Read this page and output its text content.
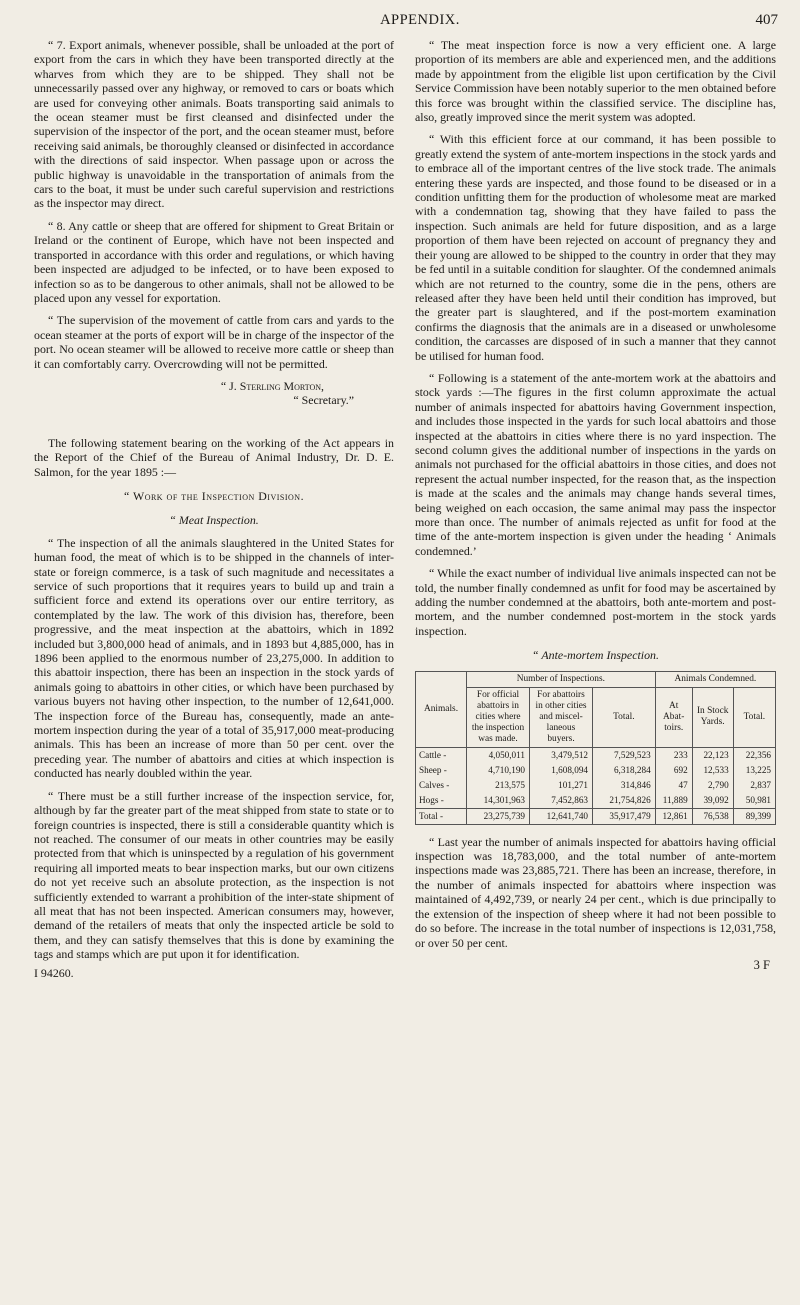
APPENDIX.	407

“ 7. Export animals, whenever possible, shall be unloaded at the port of export from the cars in which they have been transported directly at the wharves from which they are to be shipped. They shall not be unnecessarily passed over any highway, or removed to cars or boats which are used for conveying other animals. Boats transporting said animals to the ocean steamer must be first cleansed and disinfected under the supervision of the inspector of the port, and the ocean steamer must, before receiving said animals, be thoroughly cleansed or disinfected in accordance with the directions of said inspector. When passage upon or across the public highway is unavoidable in the transportation of animals from the cars to the boat, it must be under such careful supervision and restrictions as the inspector may direct.

“ 8. Any cattle or sheep that are offered for shipment to Great Britain or Ireland or the continent of Europe, which have not been inspected and transported in accordance with this order and regulations, or which having been inspected are adjudged to be infected, or to have been exposed to infection so as to be dangerous to other animals, shall not be allowed to be placed upon any vessel for exportation.

“ The supervision of the movement of cattle from cars and yards to the ocean steamer at the ports of export will be in charge of the inspector of the port. No ocean steamer will be allowed to receive more cattle or sheep than it can comfortably carry. Overcrowding will not be permitted.

“ J. Sterling Morton,

“ Secretary.”

The following statement bearing on the working of the Act appears in the Report of the Chief of the Bureau of Animal Industry, Dr. D. E. Salmon, for the year 1895 :—

“ Work of the Inspection Division.

“ Meat Inspection.

“ The inspection of all the animals slaughtered in the United States for human food, the meat of which is to be shipped in the channels of inter-state or foreign commerce, is a task of such magnitude and necessitates a service of such proportions that it requires years to build up and train a sufficient force and extend its operations over our entire territory, as contemplated by the law. The work of this division has, therefore, been progressive, and the meat inspection at the abattoirs, which in 1892 included but 3,800,000 head of animals, and in 1893 but 4,885,000, has in 1896 been applied to the enormous number of 23,275,000. In addition to this abattoir inspection, there has been an inspection in the stock yards of animals going to abattoirs in other cities, or which have been purchased by various buyers not having other inspection, to the number of 12,641,000. The inspection force of the Bureau has, consequently, made an ante-mortem inspection during the year of a total of 35,917,000 meat-producing animals. This has been an increase of more than 50 per cent. over the preceding year. The number of abattoirs and cities at which inspection is conducted has nearly doubled within the year.

“ There must be a still further increase of the inspection service, for, although by far the greater part of the meat shipped from state to state or to foreign countries is inspected, there is still a considerable quantity which is not reached. The consumer of our meats in other countries may be easily protected from that which is uninspected by a regulation of his government requiring all imported meats to bear inspection marks, but our own citizens do not yet receive such an absolute protection, as the inspection is not sufficiently extended to warrant a prohibition of the inter-state shipment of all meat that has not been inspected. American consumers may, however, demand of the retailers of meats that only the inspected article be sold to them, and they can satisfy themselves that this is done by examining the tags and stamps which are put upon it for identification.

I 94260.

“ The meat inspection force is now a very efficient one. A large proportion of its members are able and experienced men, and the additions made by appointment from the eligible list upon certification by the Civil Service Commission have been notably superior to the men obtained before this force was brought within the classified service. The discipline has, also, greatly improved since the merit system was adopted.

“ With this efficient force at our command, it has been possible to greatly extend the system of ante-mortem inspections in the stock yards and to embrace all of the important centres of the live stock trade. The animals entering these yards are inspected, and those found to be diseased or in a condition unfitting them for the production of wholesome meat are marked with a condemnation tag, showing that they have failed to pass the inspection. Such animals are held for future disposition, and as a large proportion of them have been rejected on account of pregnancy they and their young are allowed to be shipped to the country in order that they may be fed until in a suitable condition for slaughter. Of the condemned animals which are not returned to the country, some die in the pens, others are released after they have been held until their condition has improved, but the greater part is slaughtered, and if the post-mortem examination confirms the diagnosis that the animals are in a diseased or unwholesome condition, the carcasses are disposed of in such a manner that they cannot be utilised for human food.

“ Following is a statement of the ante-mortem work at the abattoirs and stock yards :—The figures in the first column approximate the actual number of animals inspected for abattoirs having Government inspection, and includes those inspected in the yards for such local abattoirs and those inspected at the abattoirs in cities where there is no yard inspection. The second column gives the additional number of inspections in the yards on animals not purchased for the official abattoirs in those cities, and does not represent the actual number inspected, for the reason that, as the inspection is made at the scales and the animals may change hands several times, being weighed on each occasion, the same animal may pass the inspector more than once. The number of animals rejected as unfit for food at the time of the ante-mortem inspection is given under the heading ‘ Animals condemned.’

“ While the exact number of individual live animals inspected can not be told, the number finally condemned as unfit for food may be ascertained by adding the number condemned at the abattoirs, both ante-mortem and post-mortem, and the number condemned post-mortem in the stock yards inspection.

“ Ante-mortem Inspection.

Animals.	Number of Inspections.			Animals Condemned.		
	For official abattoirs in cities where the inspection was made.	For abattoirs in other cities and miscel-laneous buyers.	Total.	At Abat-toirs.	In Stock Yards.	Total.
Cattle -	4,050,011	3,479,512	7,529,523	233	22,123	22,356
Sheep -	4,710,190	1,608,094	6,318,284	692	12,533	13,225
Calves -	213,575	101,271	314,846	47	2,790	2,837
Hogs -	14,301,963	7,452,863	21,754,826	11,889	39,092	50,981
Total -	23,275,739	12,641,740	35,917,479	12,861	76,538	89,399

“ Last year the number of animals inspected for abattoirs having official inspection was 18,783,000, and the total number of ante-mortem inspections made was 23,885,721. There has been an increase, therefore, in the number of animals inspected for abattoirs where inspection was maintained of 4,492,739, or nearly 24 per cent., which is due principally to the extension of the inspection of sheep where it had not been possible to do so before. The increase in the total number of inspections is 12,031,758, or over 50 per cent.

3 F
